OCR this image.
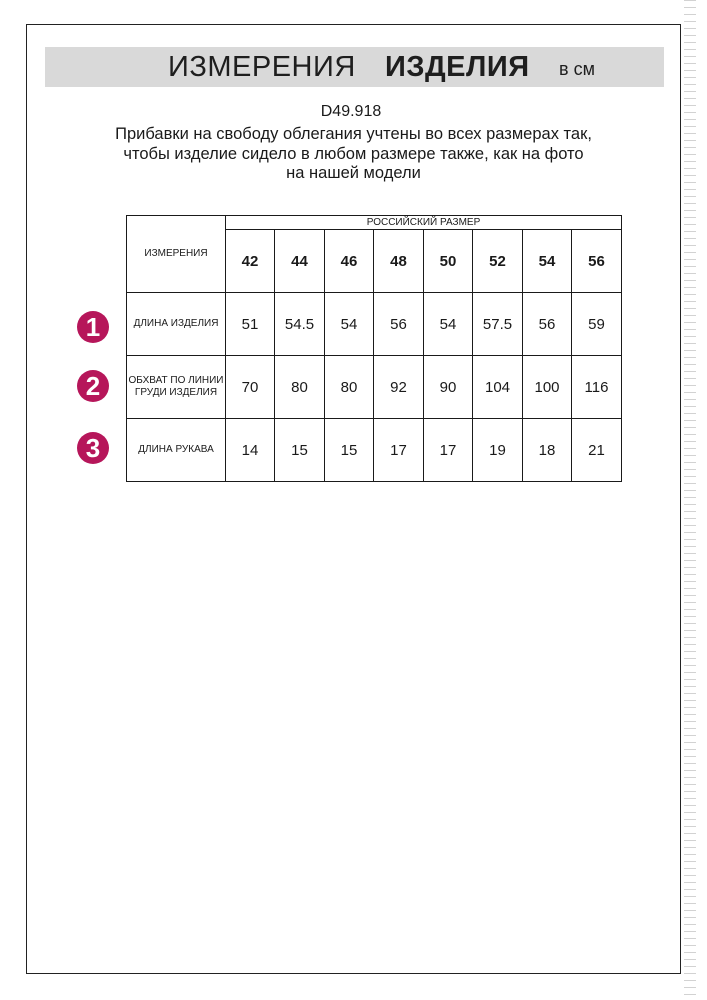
ИЗМЕРЕНИЯ ИЗДЕЛИЯ в см
D49.918
Прибавки на свободу облегания учтены во всех размерах так,
чтобы изделие сидело в любом размере также, как на фото
на нашей модели
1
2
3
ИЗМЕРЕНИЯ	РОССИЙСКИЙ РАЗМЕР							
	42	44	46	48	50	52	54	56
ДЛИНА ИЗДЕЛИЯ	51	54.5	54	56	54	57.5	56	59
ОБХВАТ ПО ЛИНИИ ГРУДИ ИЗДЕЛИЯ	70	80	80	92	90	104	100	116
ДЛИНА РУКАВА	14	15	15	17	17	19	18	21
